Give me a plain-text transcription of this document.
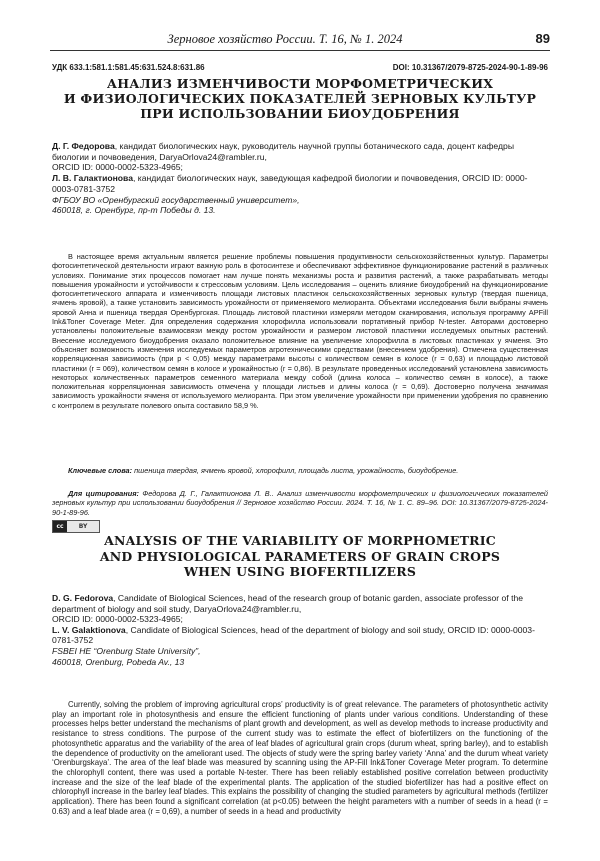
Зерновое хозяйство России. Т. 16, № 1. 2024	89
УДК 633.1:581.1:581.45:631.524.8:631.86	DOI: 10.31367/2079-8725-2024-90-1-89-96
АНАЛИЗ ИЗМЕНЧИВОСТИ МОРФОМЕТРИЧЕСКИХ
И ФИЗИОЛОГИЧЕСКИХ ПОКАЗАТЕЛЕЙ ЗЕРНОВЫХ КУЛЬТУР
ПРИ ИСПОЛЬЗОВАНИИ БИОУДОБРЕНИЯ

Д. Г. Федорова, кандидат биологических наук, руководитель научной группы ботанического сада, доцент кафедры биологии и почвоведения, DaryaOrlova24@rambler.ru,

ORCID ID: 0000-0002-5323-4965;

Л. В. Галактионова, кандидат биологических наук, заведующая кафедрой биологии и почвоведения, ORCID ID: 0000-0003-0781-3752

ФГБОУ ВО «Оренбургский государственный университет»,

460018, г. Оренбург, пр-т Победы д. 13.

В настоящее время актуальным является решение проблемы повышения продуктивности сельскохозяйственных культур. Параметры фотосинтетической деятельности играют важную роль в фотосинтезе и обеспечивают эффективное функционирование растений в различных условиях. Понимание этих процессов помогает нам лучше понять механизмы роста и развития растений, а также разрабатывать методы повышения урожайности и устойчивости к стрессовым условиям. Цель исследования – оценить влияние биоудобрений на функционирование фотосинтетического аппарата и изменчивость площади листовых пластинок сельскохозяйственных зерновых культур (твердая пшеница, ячмень яровой), а также установить зависимость урожайности от применяемого мелиоранта. Объектами исследования были выбраны ячмень яровой Анна и пшеница твердая Оренбургская. Площадь листовой пластинки измеряли методом сканирования, используя программу APFill Ink&Toner Coverage Meter. Для определения содержания хлорофилла использовали портативный прибор N-tester. Авторами достоверно установлены положительные взаимосвязи между ростом урожайности и размером листовой пластинки исследуемых опытных растений. Внесение исследуемого биоудобрения оказало положительное влияние на увеличение хлорофилла в листовых пластинках у ячменя. Это объясняет возможность изменения исследуемых параметров агротехническими средствами (внесением удобрения). Отмечена существенная корреляционная зависимость (при p < 0,05) между параметрами высоты с количеством семян в колосе (r = 0,63) и площадью листовой пластинки (r = 069), количеством семян в колосе и урожайностью (r = 0,86). В результате проведенных исследований установлена зависимость некоторых количественных параметров семенного материала между собой (длина колоса – количество семян в колосе), а также положительная корреляционная зависимость отмечена у площади листьев и длины колоса (r = 0,69). Достоверно получена значимая зависимость урожайности ячменя от используемого мелиоранта. При этом увеличение урожайности при применении удобрения по сравнению с контролем в результате полевого опыта составило 58,9 %.

Ключевые слова: пшеница твердая, ячмень яровой, хлорофилл, площадь листа, урожайность, биоудобрение.

Для цитирования: Федорова Д. Г., Галактионова Л. В.. Анализ изменчивости морфометрических и физиологических показателей зерновых культур при использовании биоудобрения // Зерновое хозяйство России. 2024. Т. 16, № 1. С. 89–96. DOI: 10.31367/2079-8725-2024-90-1-89-96.

cc	BY
ANALYSIS OF THE VARIABILITY OF MORPHOMETRIC
AND PHYSIOLOGICAL PARAMETERS OF GRAIN CROPS
WHEN USING BIOFERTILIZERS

D. G. Fedorova, Candidate of Biological Sciences, head of the research group of botanic garden, associate professor of the department of biology and soil study, DaryaOrlova24@rambler.ru,

ORCID ID: 0000-0002-5323-4965;

L. V. Galaktionova, Candidate of Biological Sciences, head of the department of biology and soil study, ORCID ID: 0000-0003-0781-3752

FSBEI HE “Orenburg State University”,

460018, Orenburg, Pobeda Av., 13

Currently, solving the problem of improving agricultural crops’ productivity is of great relevance. The parameters of photosynthetic activity play an important role in photosynthesis and ensure the efficient functioning of plants under various conditions. Understanding of these processes helps better understand the mechanisms of plant growth and development, as well as develop methods to increase productivity and resistance to stress conditions. The purpose of the current study was to estimate the effect of biofertilizers on the functioning of the photosynthetic apparatus and the variability of the area of leaf blades of agricultural grain crops (durum wheat, spring barley), and to establish the dependence of productivity on the ameliorant used. The objects of study were the spring barley variety ‘Anna’ and the durum wheat variety ‘Orenburgskaya’. The area of the leaf blade was measured by scanning using the AP-Fill Ink&Toner Coverage Meter program. To determine the chlorophyll content, there was used a portable N-tester. There has been reliably established positive correlation between productivity increase and the size of the leaf blade of the experimental plants. The application of the studied biofertilizer has had a positive effect on chlorophyll increase in the barley leaf blades. This explains the possibility of changing the studied parameters by agricultural methods (fertilizer application). There has been found a significant correlation (at p<0.05) between the height parameters with a number of seeds in a head (r = 0.63) and a leaf blade area (r = 0,69), a number of seeds in a head and productivity
